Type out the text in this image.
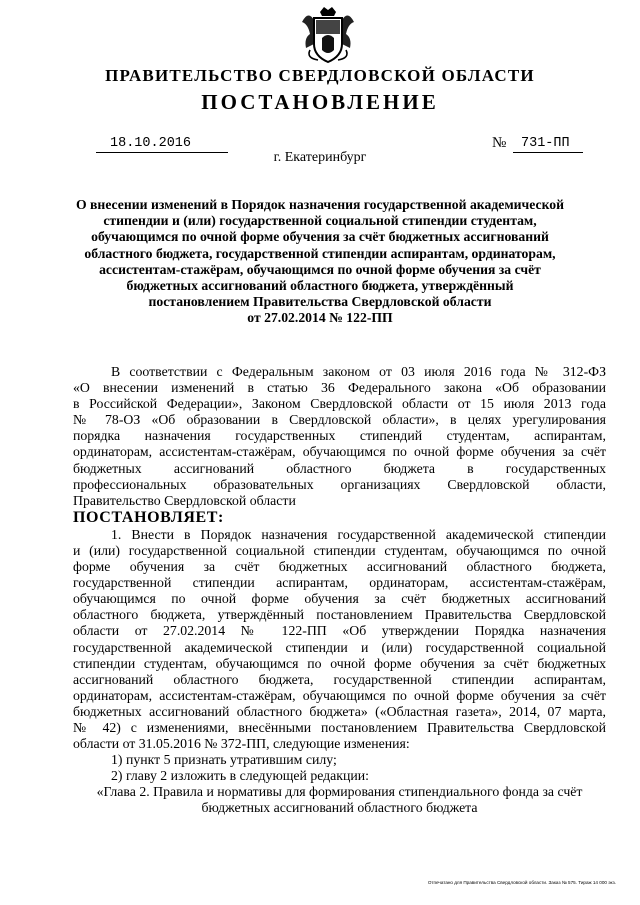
ПРАВИТЕЛЬСТВО СВЕРДЛОВСКОЙ ОБЛАСТИ
ПОСТАНОВЛЕНИЕ
18.10.2016	№	731-ПП
г. Екатеринбург
О внесении изменений в Порядок назначения государственной академической
стипендии и (или) государственной социальной стипендии студентам,
обучающимся по очной форме обучения за счёт бюджетных ассигнований
областного бюджета, государственной стипендии аспирантам, ординаторам,
ассистентам-стажёрам, обучающимся по очной форме обучения за счёт
бюджетных ассигнований областного бюджета, утверждённый
постановлением Правительства Свердловской области
от 27.02.2014 № 122-ПП
В соответствии с Федеральным законом от 03 июля 2016 года № 312-ФЗ
«О внесении изменений в статью 36 Федерального закона «Об образовании
в Российской Федерации», Законом Свердловской области от 15 июля 2013 года
№ 78-ОЗ «Об образовании в Свердловской области», в целях урегулирования
порядка назначения государственных стипендий студентам, аспирантам,
ординаторам, ассистентам-стажёрам, обучающимся по очной форме обучения за счёт
бюджетных ассигнований областного бюджета в государственных
профессиональных образовательных организациях Свердловской области,
Правительство Свердловской области
ПОСТАНОВЛЯЕТ:
1. Внести в Порядок назначения государственной академической стипендии
и (или) государственной социальной стипендии студентам, обучающимся по очной
форме обучения за счёт бюджетных ассигнований областного бюджета,
государственной стипендии аспирантам, ординаторам, ассистентам-стажёрам,
обучающимся по очной форме обучения за счёт бюджетных ассигнований
областного бюджета, утверждённый постановлением Правительства Свердловской
области от 27.02.2014 № 122-ПП «Об утверждении Порядка назначения
государственной академической стипендии и (или) государственной социальной
стипендии студентам, обучающимся по очной форме обучения за счёт бюджетных
ассигнований областного бюджета, государственной стипендии аспирантам,
ординаторам, ассистентам-стажёрам, обучающимся по очной форме обучения за счёт
бюджетных ассигнований областного бюджета» («Областная газета», 2014, 07 марта,
№ 42) с изменениями, внесёнными постановлением Правительства Свердловской
области от 31.05.2016 № 372-ПП, следующие изменения:
1) пункт 5 признать утратившим силу;
2) главу 2 изложить в следующей редакции:
«Глава 2. Правила и нормативы для формирования стипендиального фонда за счёт
бюджетных ассигнований областного бюджета
Отпечатано для Правительства Свердловской области. Заказ № 575. Тираж 14 000 экз.
